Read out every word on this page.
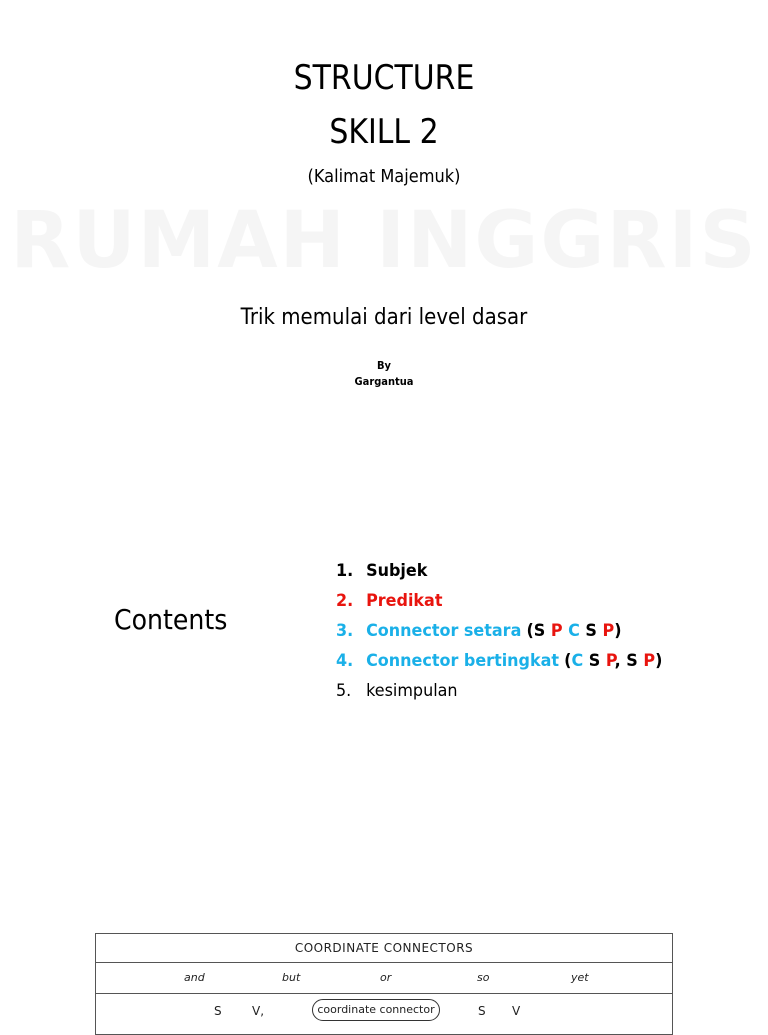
RUMAH INGGRIS
STRUCTURE
SKILL 2
(Kalimat Majemuk)
Trik memulai dari level dasar
By
Gargantua
Contents
1. Subjek
2. Predikat
3. Connector setara (S P C S P)
4. Connector bertingkat (C S P, S P)
5. kesimpulan
COORDINATE CONNECTORS
and	but	or	so	yet
S	V,	coordinate connector	S V
